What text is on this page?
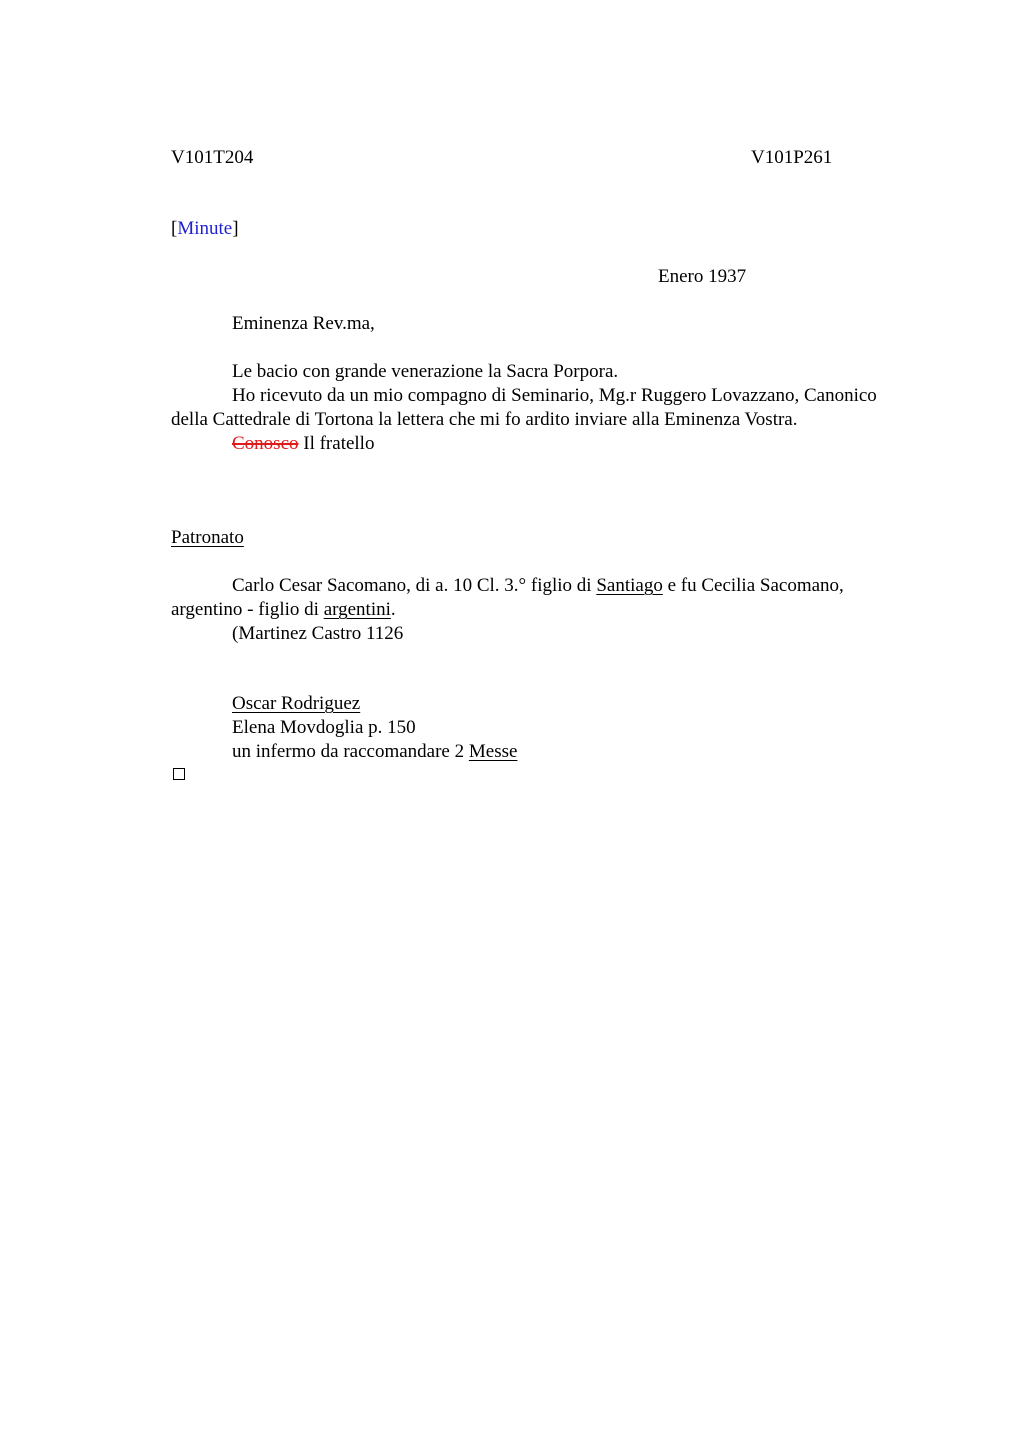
V101T204	V101P261
[Minute]
Enero 1937
Eminenza Rev.ma,
Le bacio con grande venerazione la Sacra Porpora.
Ho ricevuto da un mio compagno di Seminario, Mg.r Ruggero Lovazzano, Canonico della Cattedrale di Tortona la lettera che mi fo ardito inviare alla Eminenza Vostra.
Conosco Il fratello
Patronato
Carlo Cesar Sacomano, di a. 10 Cl. 3.° figlio di Santiago e fu Cecilia Sacomano, argentino - figlio di argentini.
(Martinez Castro 1126
Oscar Rodriguez
Elena Movdoglia p. 150
un infermo da raccomandare 2 Messe
